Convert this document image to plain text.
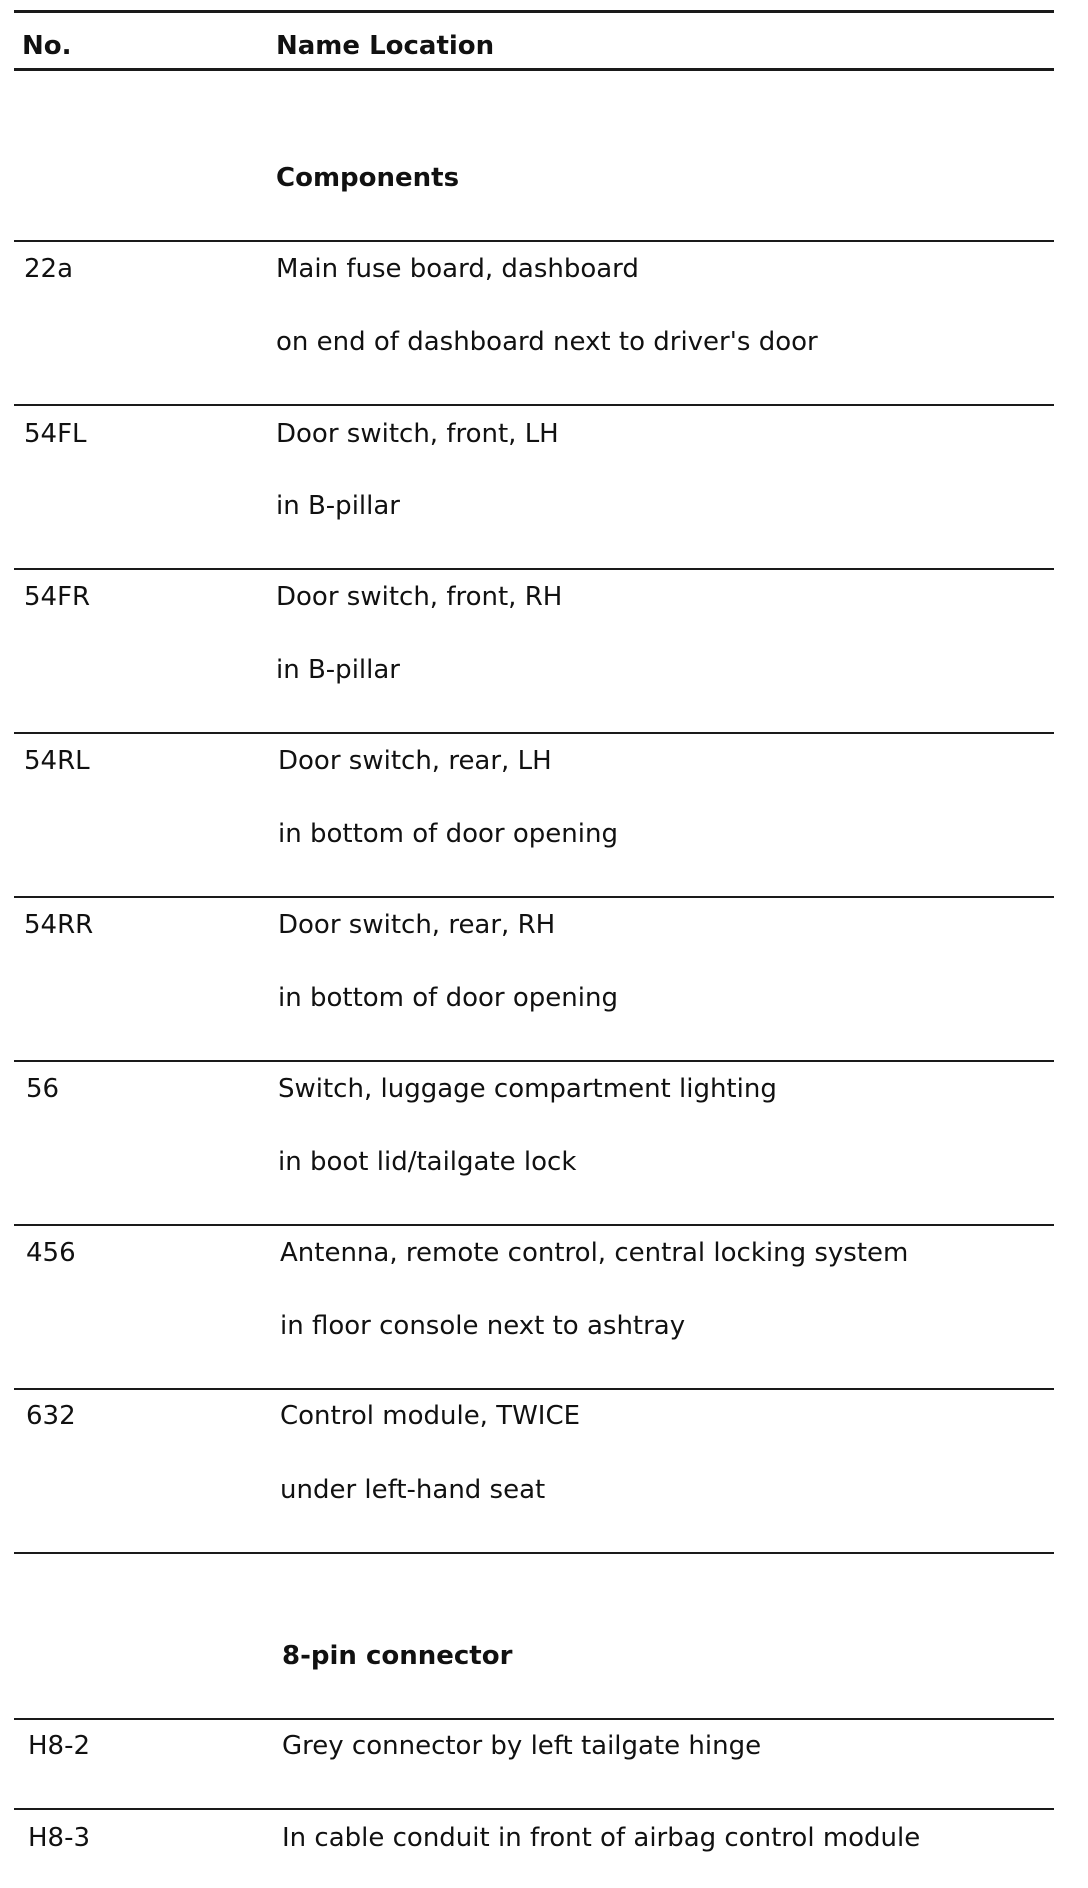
No.	Name Location
Components
22a	Main fuse board, dashboard
on end of dashboard next to driver's door
54FL	Door switch, front, LH
in B-pillar
54FR	Door switch, front, RH
in B-pillar
54RL	Door switch, rear, LH
in bottom of door opening
54RR	Door switch, rear, RH
in bottom of door opening
56	Switch, luggage compartment lighting
in boot lid/tailgate lock
456	Antenna, remote control, central locking system
in floor console next to ashtray
632	Control module, TWICE
under left-hand seat
8-pin connector
H8-2	Grey connector by left tailgate hinge
H8-3	In cable conduit in front of airbag control module
